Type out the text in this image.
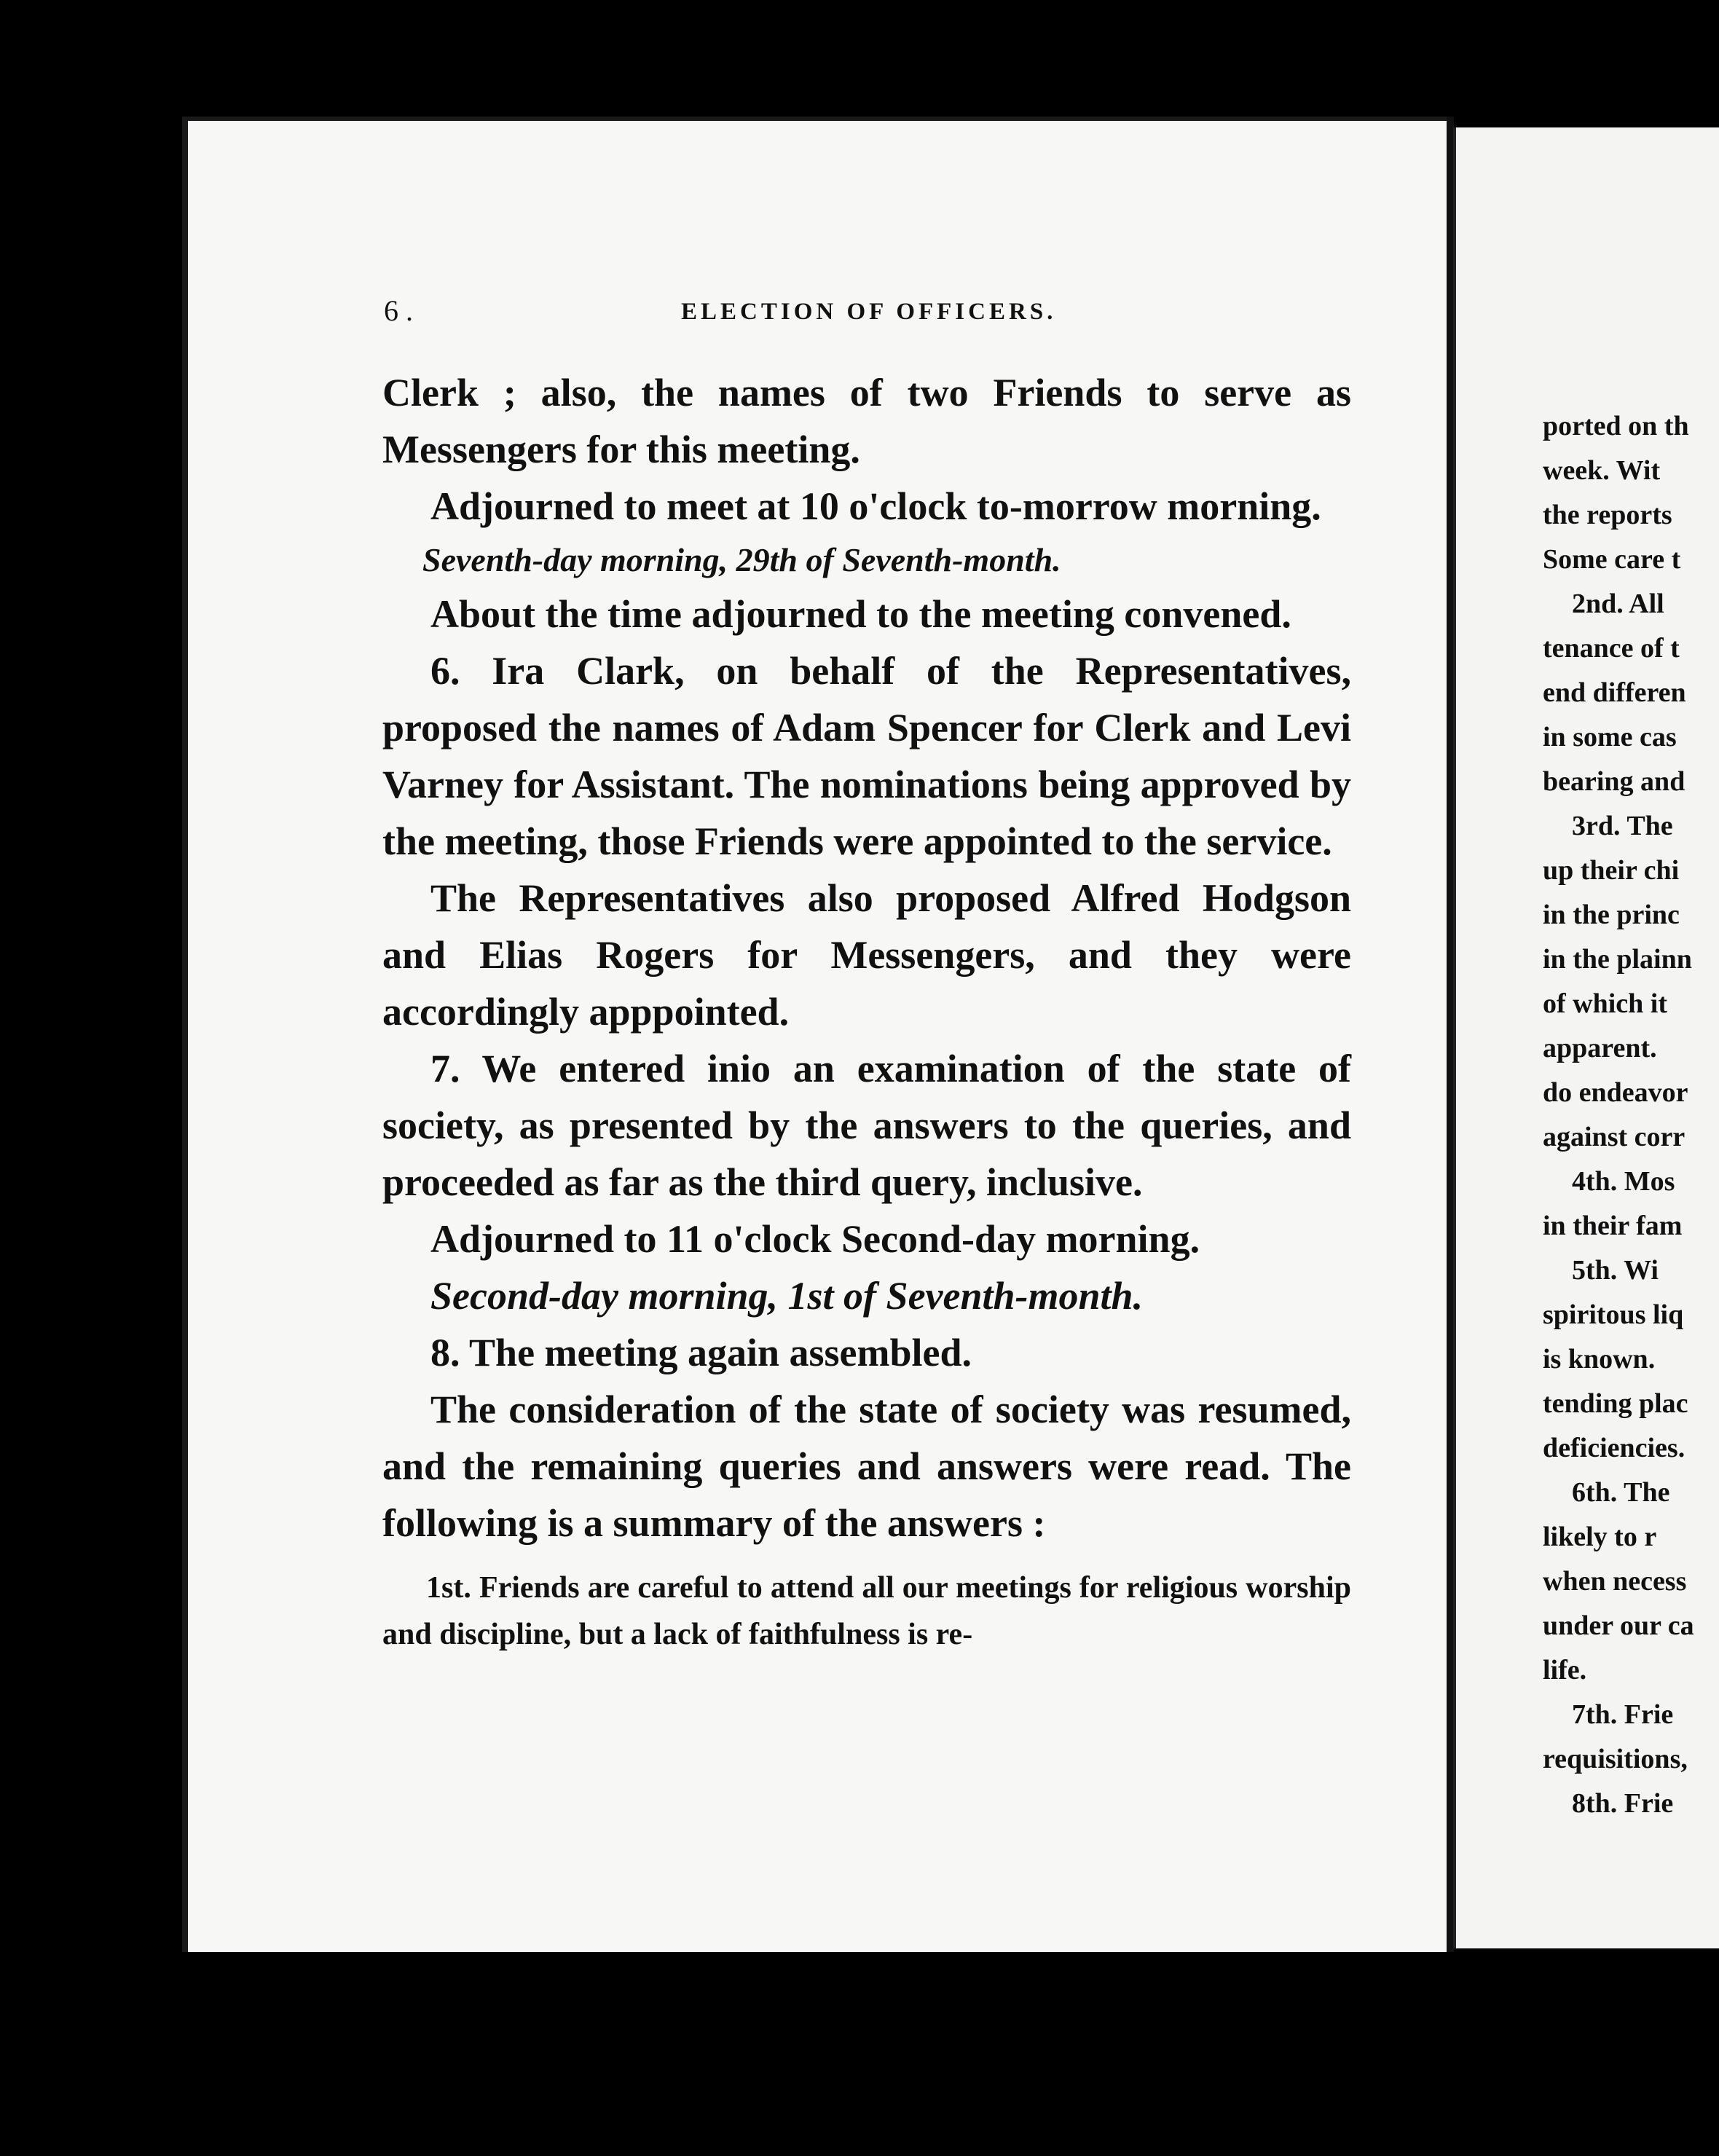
6 .	ELECTION OF OFFICERS.

Clerk ; also, the names of two Friends to serve as Messengers for this meeting.

Adjourned to meet at 10 o'clock to-morrow morning.

Seventh-day morning, 29th of Seventh-month.

About the time adjourned to the meeting convened.

6. Ira Clark, on behalf of the Representatives, proposed the names of Adam Spencer for Clerk and Levi Varney for Assistant. The nominations being approved by the meeting, those Friends were appointed to the service.

The Representatives also proposed Alfred Hodgson and Elias Rogers for Messengers, and they were accordingly apppointed.

7. We entered inio an examination of the state of society, as presented by the answers to the queries, and proceeded as far as the third query, inclusive.

Adjourned to 11 o'clock Second-day morning.

Second-day morning, 1st of Seventh-month.

8. The meeting again assembled.

The consideration of the state of society was resumed, and the remaining queries and answers were read. The following is a summary of the answers :

1st. Friends are careful to attend all our meetings for religious worship and discipline, but a lack of faithfulness is re-

ported on th
week. Wit
the reports
Some care t
2nd. All
tenance of t
end differen
in some cas
bearing and
3rd. The
up their chi
in the princ
in the plainn
of which it
apparent.
do endeavor
against corr
4th. Mos
in their fam
5th. Wi
spiritous liq
is known.
tending plac
deficiencies.
6th. The
likely to r
when necess
under our ca
life.
7th. Frie
requisitions,
8th. Frie
